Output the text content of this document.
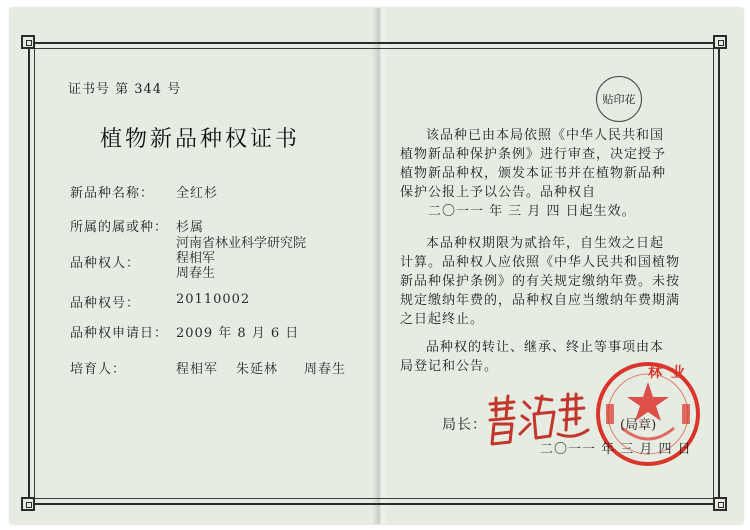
证书号 第 344 号
植物新品种权证书
新品种名称： 全红杉
所属的属或种： 杉属
品种权人：
河南省林业科学研究院
程相军
周春生
品种权号：	20110002
品种权申请日： 2009 年 8 月 6 日
培育人：	程相军 朱延林 周春生
贴印花
该品种已由本局依照《中华人民共和国
植物新品种保护条例》进行审查，决定授予
植物新品种权，颁发本证书并在植物新品种
保护公报上予以公告。品种权自
二〇一一 年 三 月 四 日起生效。
本品种权期限为贰拾年，自生效之日起
计算。品种权人应依照《中华人民共和国植物
新品种保护条例》的有关规定缴纳年费。未按
规定缴纳年费的，品种权自应当缴纳年费期满
之日起终止。
品种权的转让、继承、终止等事项由本
局登记和公告。
局长：
林 业
(局章)
二〇一一 年 三 月 四 日
